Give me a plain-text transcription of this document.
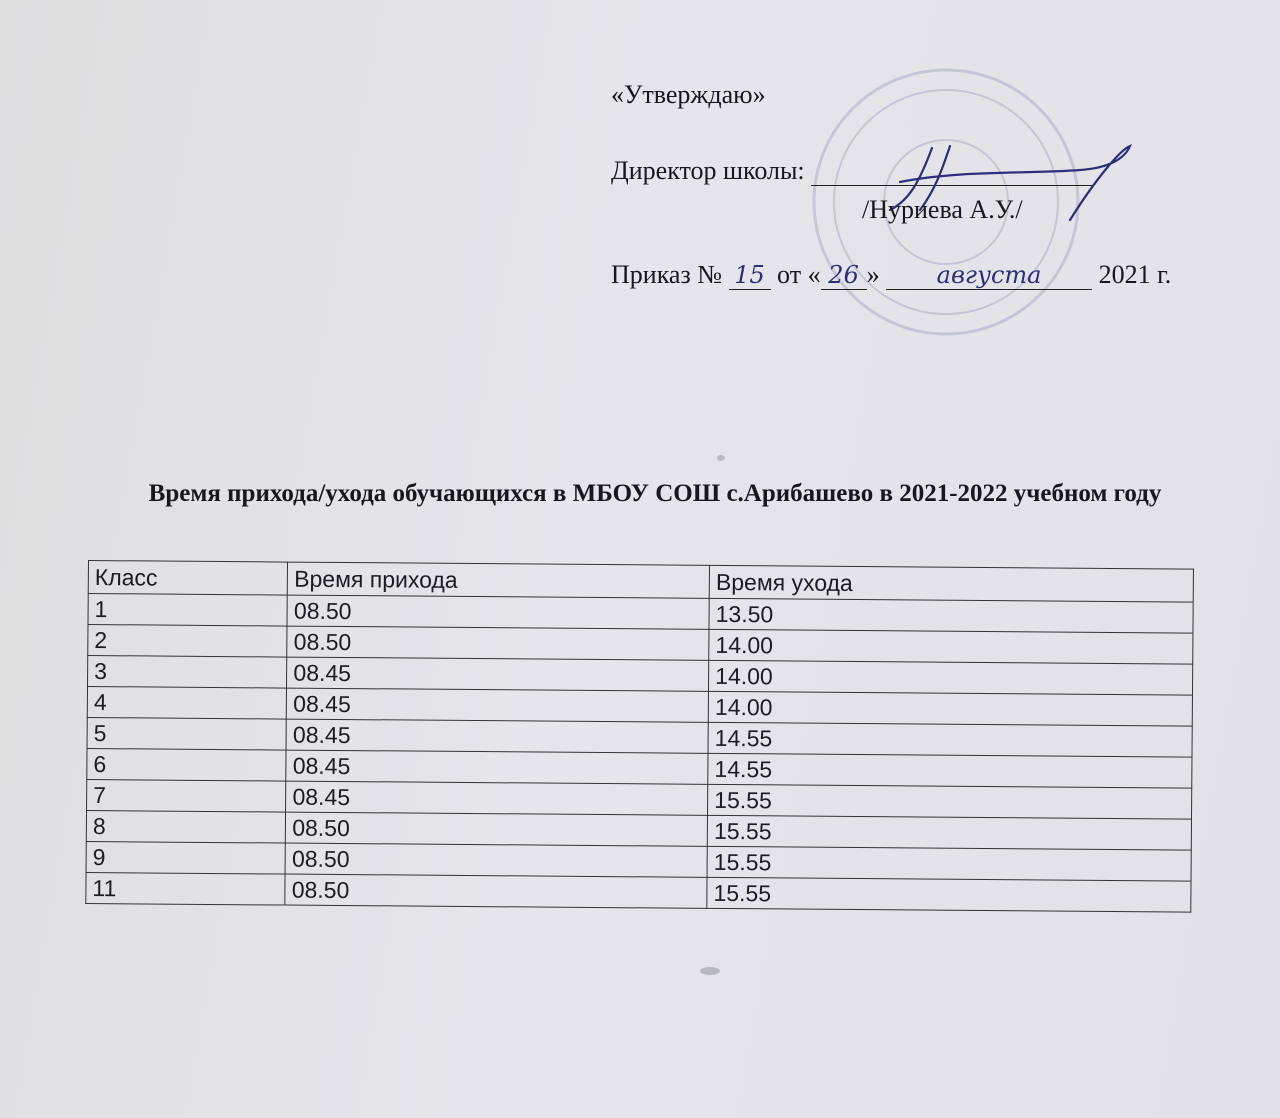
«Утверждаю»
Директор школы:
/Нуриева А.У./
Приказ № 15 от « 26 »	августа	2021 г.
Время прихода/ухода обучающихся в МБОУ СОШ с.Арибашево в 2021-2022 учебном году
Класс	Время прихода	Время ухода
1	08.50	13.50
2	08.50	14.00
3	08.45	14.00
4	08.45	14.00
5	08.45	14.55
6	08.45	14.55
7	08.45	15.55
8	08.50	15.55
9	08.50	15.55
11	08.50	15.55
